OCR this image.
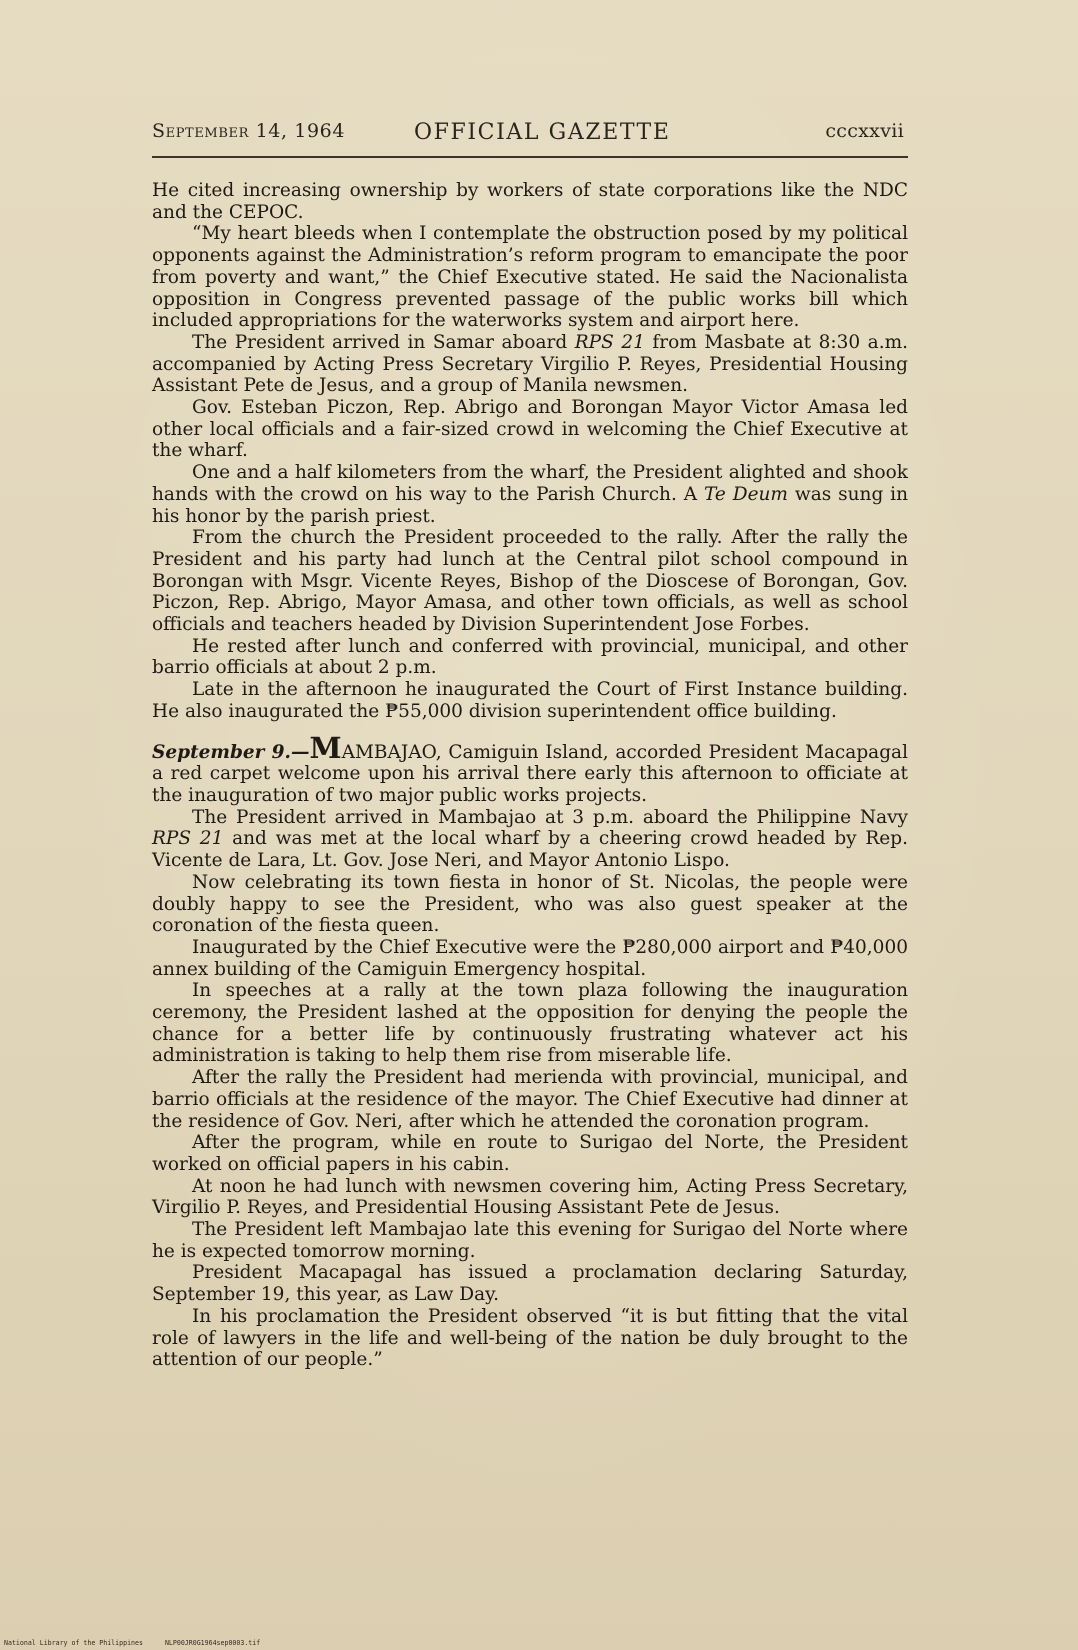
September 14, 1964	OFFICIAL GAZETTE	cccxxvii

He cited increasing ownership by workers of state corporations like the NDC and the CEPOC.

“My heart bleeds when I contemplate the obstruction posed by my political opponents against the Administration’s reform program to emancipate the poor from poverty and want,” the Chief Executive stated. He said the Nacionalista opposition in Congress prevented passage of the public works bill which included appropriations for the waterworks system and airport here.

The President arrived in Samar aboard RPS 21 from Masbate at 8:30 a.m. accompanied by Acting Press Secretary Virgilio P. Reyes, Presidential Housing Assistant Pete de Jesus, and a group of Manila newsmen.

Gov. Esteban Piczon, Rep. Abrigo and Borongan Mayor Victor Amasa led other local officials and a fair-sized crowd in welcoming the Chief Executive at the wharf.

One and a half kilometers from the wharf, the President alighted and shook hands with the crowd on his way to the Parish Church. A Te Deum was sung in his honor by the parish priest.

From the church the President proceeded to the rally. After the rally the President and his party had lunch at the Central pilot school compound in Borongan with Msgr. Vicente Reyes, Bishop of the Dioscese of Borongan, Gov. Piczon, Rep. Abrigo, Mayor Amasa, and other town officials, as well as school officials and teachers headed by Division Superintendent Jose Forbes.

He rested after lunch and conferred with provincial, municipal, and other barrio officials at about 2 p.m.

Late in the afternoon he inaugurated the Court of First Instance building. He also inaugurated the ₱55,000 division superintendent office building.

September 9.—MAMBAJAO, Camiguin Island, accorded President Macapagal a red carpet welcome upon his arrival there early this afternoon to officiate at the inauguration of two major public works projects.

The President arrived in Mambajao at 3 p.m. aboard the Philippine Navy RPS 21 and was met at the local wharf by a cheering crowd headed by Rep. Vicente de Lara, Lt. Gov. Jose Neri, and Mayor Antonio Lispo.

Now celebrating its town fiesta in honor of St. Nicolas, the people were doubly happy to see the President, who was also guest speaker at the coronation of the fiesta queen.

Inaugurated by the Chief Executive were the ₱280,000 airport and ₱40,000 annex building of the Camiguin Emergency hospital.

In speeches at a rally at the town plaza following the inauguration ceremony, the President lashed at the opposition for denying the people the chance for a better life by continuously frustrating whatever act his administration is taking to help them rise from miserable life.

After the rally the President had merienda with provincial, municipal, and barrio officials at the residence of the mayor. The Chief Executive had dinner at the residence of Gov. Neri, after which he attended the coronation program.

After the program, while en route to Surigao del Norte, the President worked on official papers in his cabin.

At noon he had lunch with newsmen covering him, Acting Press Secretary, Virgilio P. Reyes, and Presidential Housing Assistant Pete de Jesus.

The President left Mambajao late this evening for Surigao del Norte where he is expected tomorrow morning.

President Macapagal has issued a proclamation declaring Saturday, September 19, this year, as Law Day.

In his proclamation the President observed “it is but fitting that the vital role of lawyers in the life and well-being of the nation be duly brought to the attention of our people.”

National Library of the Philippines	NLP00JR0G1964sep0003.tif
